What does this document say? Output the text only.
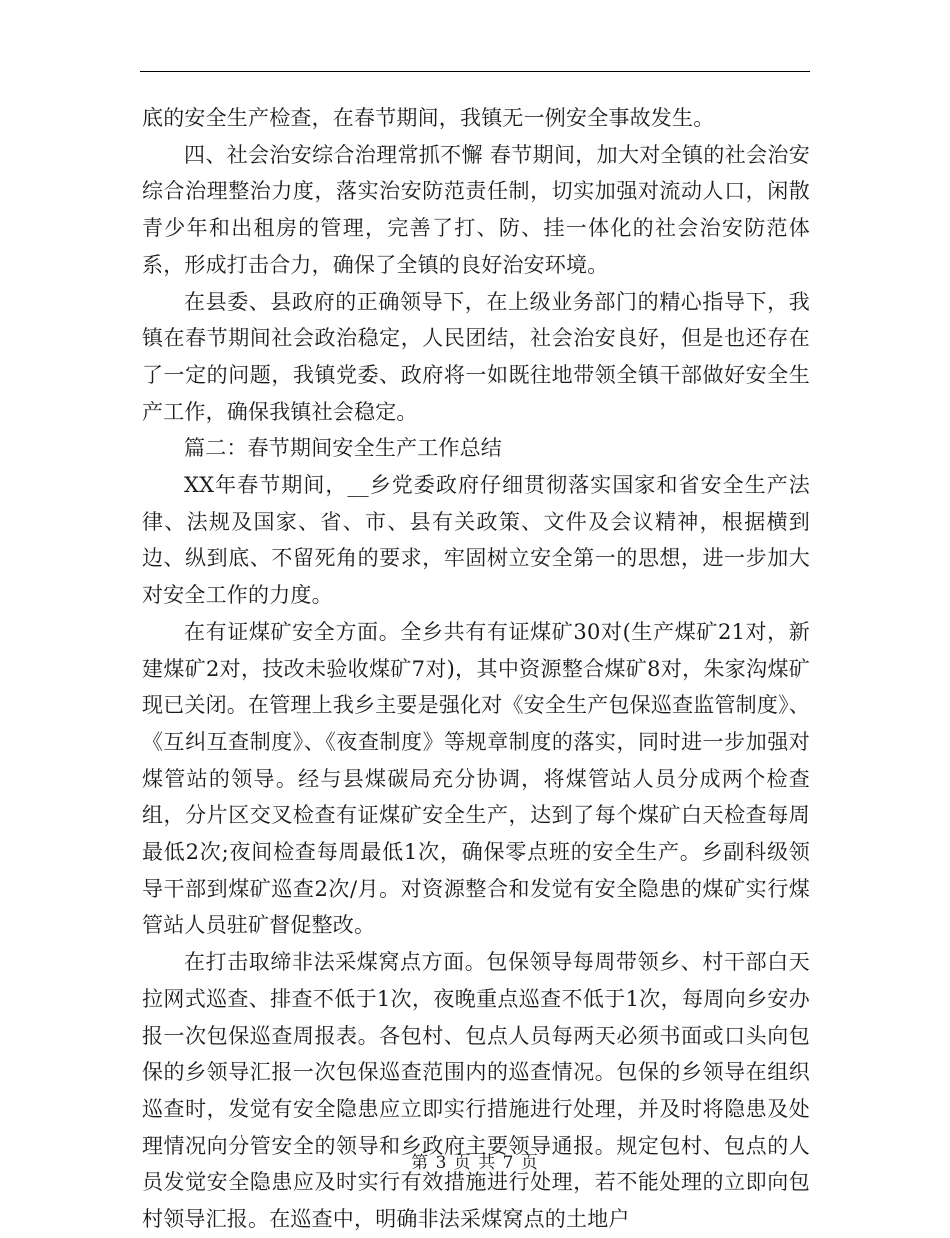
底的安全生产检查，在春节期间，我镇无一例安全事故发生。

四、社会治安综合治理常抓不懈 春节期间，加大对全镇的社会治安综合治理整治力度，落实治安防范责任制，切实加强对流动人口，闲散青少年和出租房的管理，完善了打、防、挂一体化的社会治安防范体系，形成打击合力，确保了全镇的良好治安环境。

在县委、县政府的正确领导下，在上级业务部门的精心指导下，我镇在春节期间社会政治稳定，人民团结，社会治安良好，但是也还存在了一定的问题，我镇党委、政府将一如既往地带领全镇干部做好安全生产工作，确保我镇社会稳定。

篇二：春节期间安全生产工作总结

XX年春节期间，__乡党委政府仔细贯彻落实国家和省安全生产法律、法规及国家、省、市、县有关政策、文件及会议精神，根据横到边、纵到底、不留死角的要求，牢固树立安全第一的思想，进一步加大对安全工作的力度。

在有证煤矿安全方面。全乡共有有证煤矿30对(生产煤矿21对，新建煤矿2对，技改未验收煤矿7对)，其中资源整合煤矿8对，朱家沟煤矿现已关闭。在管理上我乡主要是强化对《安全生产包保巡查监管制度》、《互纠互查制度》、《夜查制度》等规章制度的落实，同时进一步加强对煤管站的领导。经与县煤碳局充分协调，将煤管站人员分成两个检查组，分片区交叉检查有证煤矿安全生产，达到了每个煤矿白天检查每周最低2次;夜间检查每周最低1次，确保零点班的安全生产。乡副科级领导干部到煤矿巡查2次/月。对资源整合和发觉有安全隐患的煤矿实行煤管站人员驻矿督促整改。

在打击取缔非法采煤窝点方面。包保领导每周带领乡、村干部白天拉网式巡查、排查不低于1次，夜晚重点巡查不低于1次，每周向乡安办报一次包保巡查周报表。各包村、包点人员每两天必须书面或口头向包保的乡领导汇报一次包保巡查范围内的巡查情况。包保的乡领导在组织巡查时，发觉有安全隐患应立即实行措施进行处理，并及时将隐患及处理情况向分管安全的领导和乡政府主要领导通报。规定包村、包点的人员发觉安全隐患应及时实行有效措施进行处理，若不能处理的立即向包村领导汇报。在巡查中，明确非法采煤窝点的土地户

第 3 页 共 7 页
